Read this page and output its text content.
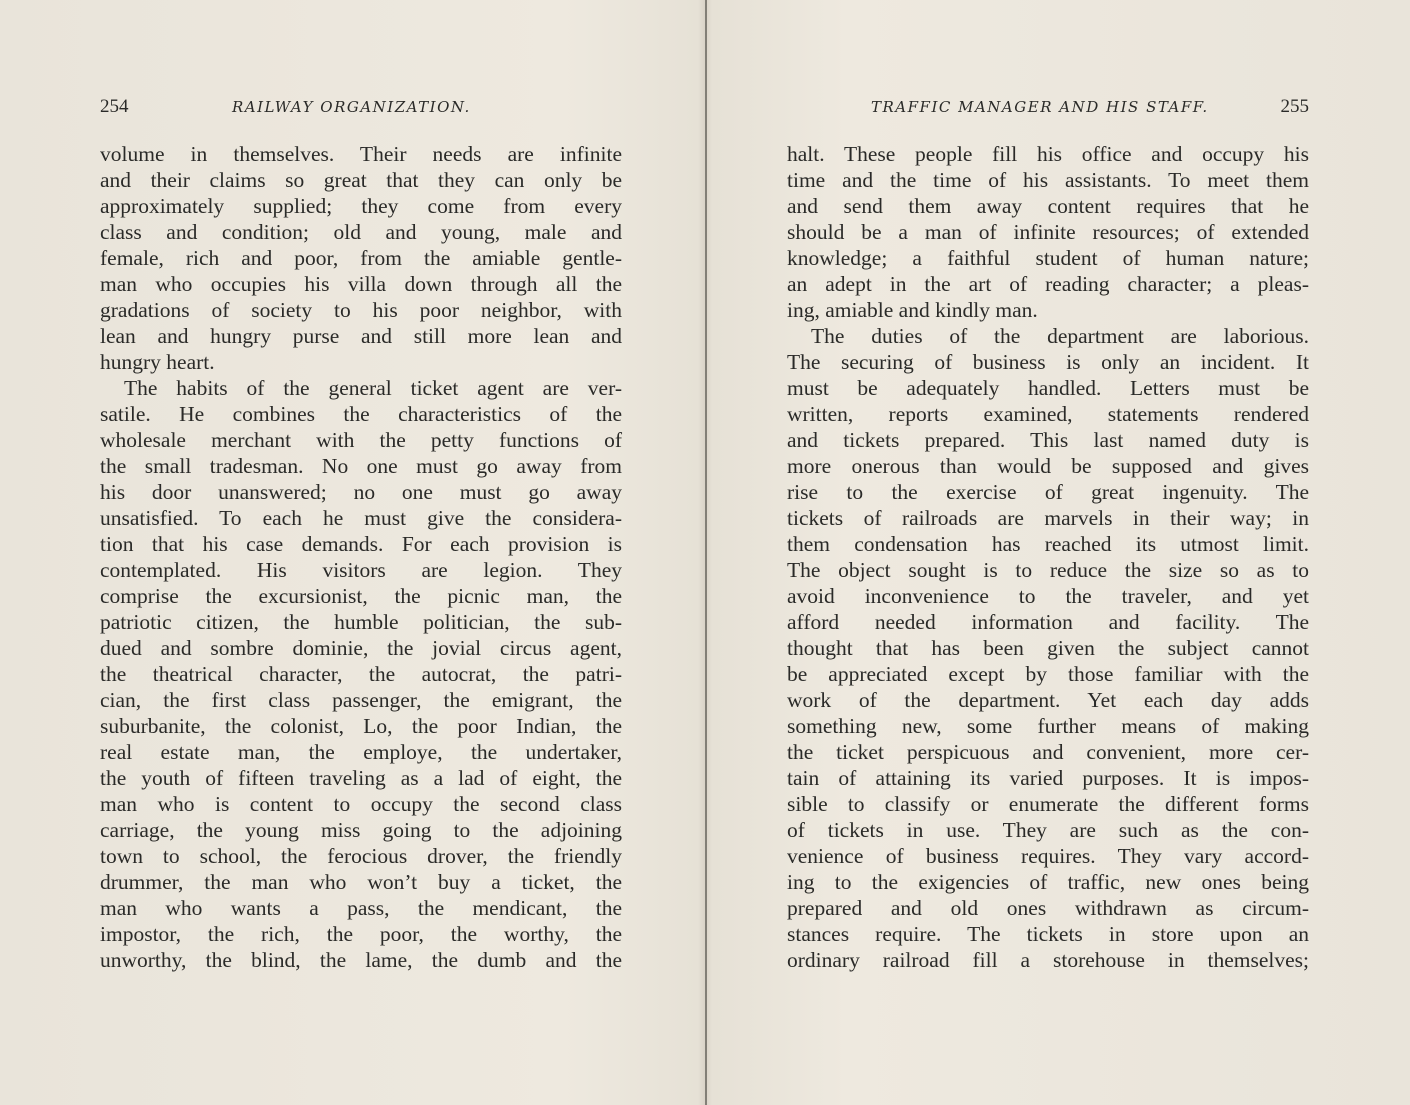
254	RAILWAY ORGANIZATION.
volume in themselves. Their needs are infinite
and their claims so great that they can only be
approximately supplied; they come from every
class and condition; old and young, male and
female, rich and poor, from the amiable gentle-
man who occupies his villa down through all the
gradations of society to his poor neighbor, with
lean and hungry purse and still more lean and
hungry heart.
The habits of the general ticket agent are ver-
satile. He combines the characteristics of the
wholesale merchant with the petty functions of
the small tradesman. No one must go away from
his door unanswered; no one must go away
unsatisfied. To each he must give the considera-
tion that his case demands. For each provision is
contemplated. His visitors are legion. They
comprise the excursionist, the picnic man, the
patriotic citizen, the humble politician, the sub-
dued and sombre dominie, the jovial circus agent,
the theatrical character, the autocrat, the patri-
cian, the first class passenger, the emigrant, the
suburbanite, the colonist, Lo, the poor Indian, the
real estate man, the employe, the undertaker,
the youth of fifteen traveling as a lad of eight, the
man who is content to occupy the second class
carriage, the young miss going to the adjoining
town to school, the ferocious drover, the friendly
drummer, the man who won’t buy a ticket, the
man who wants a pass, the mendicant, the
impostor, the rich, the poor, the worthy, the
unworthy, the blind, the lame, the dumb and the
TRAFFIC MANAGER AND HIS STAFF.	255
halt. These people fill his office and occupy his
time and the time of his assistants. To meet them
and send them away content requires that he
should be a man of infinite resources; of extended
knowledge; a faithful student of human nature;
an adept in the art of reading character; a pleas-
ing, amiable and kindly man.
The duties of the department are laborious.
The securing of business is only an incident. It
must be adequately handled. Letters must be
written, reports examined, statements rendered
and tickets prepared. This last named duty is
more onerous than would be supposed and gives
rise to the exercise of great ingenuity. The
tickets of railroads are marvels in their way; in
them condensation has reached its utmost limit.
The object sought is to reduce the size so as to
avoid inconvenience to the traveler, and yet
afford needed information and facility. The
thought that has been given the subject cannot
be appreciated except by those familiar with the
work of the department. Yet each day adds
something new, some further means of making
the ticket perspicuous and convenient, more cer-
tain of attaining its varied purposes. It is impos-
sible to classify or enumerate the different forms
of tickets in use. They are such as the con-
venience of business requires. They vary accord-
ing to the exigencies of traffic, new ones being
prepared and old ones withdrawn as circum-
stances require. The tickets in store upon an
ordinary railroad fill a storehouse in themselves;
